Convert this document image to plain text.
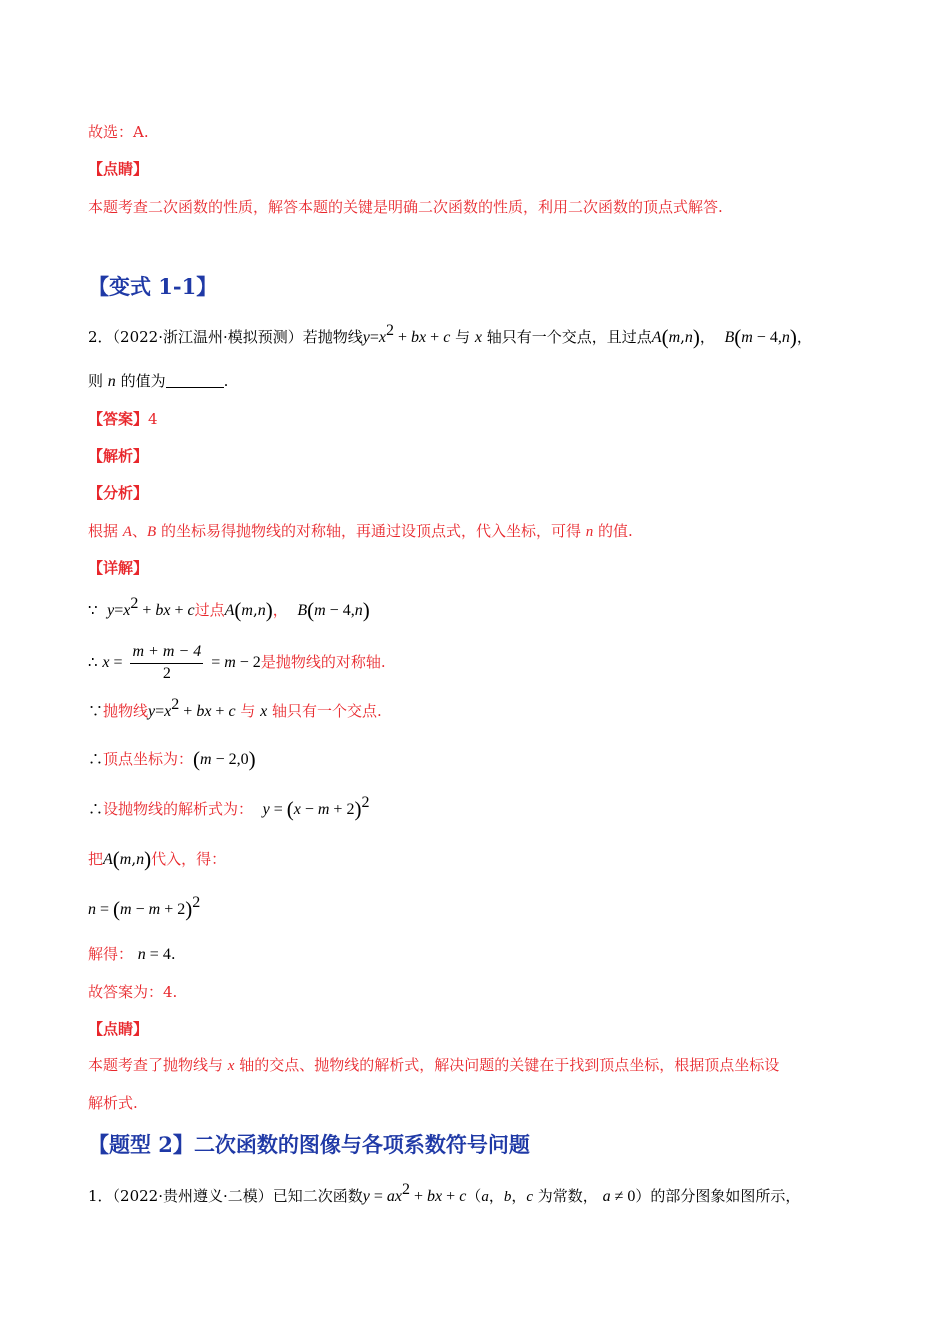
故选：A.
【点睛】
本题考查二次函数的性质，解答本题的关键是明确二次函数的性质，利用二次函数的顶点式解答.
【变式 1-1】
2．（2022·浙江温州·模拟预测）若抛物线$y=x^2$ + bx + c 与 x 轴只有一个交点，且过点A(m,n)，  B(m − 4,n)，
则 n 的值为	.
【答案】4
【解析】
【分析】
根据 A、B 的坐标易得抛物线的对称轴，再通过设顶点式，代入坐标，可得 n 的值.
【详解】
∵ $y=x^2$ + bx + c过点A(m,n)， B(m − 4,n)
∴ $x = \frac{m + m - 4}{2} = m - 2$是抛物线的对称轴.
∵抛物线$y=x^2$ + bx + c 与 x 轴只有一个交点.
∴顶点坐标为：(m − 2,0)
∴设抛物线的解析式为： $y = (x - m + 2)^2$
把A(m,n)代入，得：
$n = (m - m + 2)^2$
解得： n = 4.
故答案为：4.
【点睛】
本题考查了抛物线与 x 轴的交点、抛物线的解析式，解决问题的关键在于找到顶点坐标，根据顶点坐标设
解析式.
【题型 2】二次函数的图像与各项系数符号问题
1．（2022·贵州遵义·二模）已知二次函数$y = ax^2$ + bx + c（a，b，c 为常数， a ≠ 0）的部分图象如图所示，
